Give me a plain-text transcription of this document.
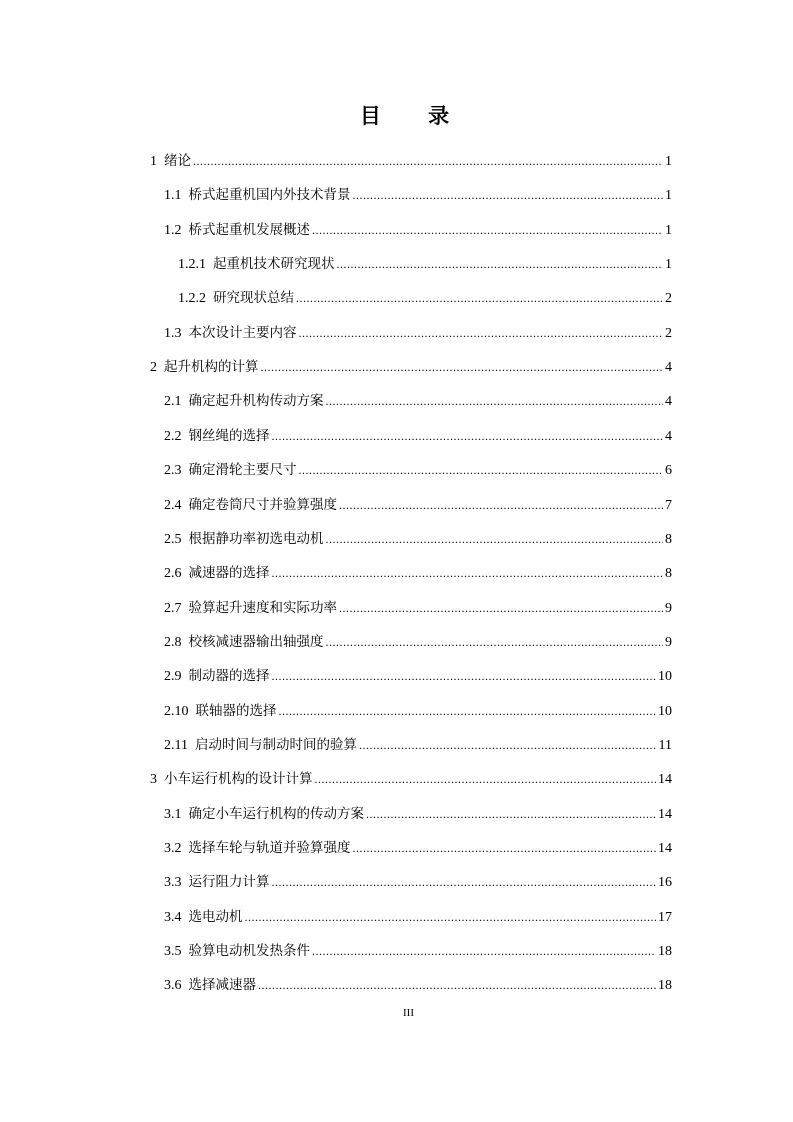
目 录
1 绪论 .....	1
1.1 桥式起重机国内外技术背景 .....	1
1.2 桥式起重机发展概述 .....	1
1.2.1 起重机技术研究现状 .....	1
1.2.2 研究现状总结 .....	2
1.3 本次设计主要内容 .....	2
2 起升机构的计算 .....	4
2.1 确定起升机构传动方案 .....	4
2.2 钢丝绳的选择 .....	4
2.3 确定滑轮主要尺寸 .....	6
2.4 确定卷筒尺寸并验算强度 .....	7
2.5 根据静功率初选电动机 .....	8
2.6 减速器的选择 .....	8
2.7 验算起升速度和实际功率 .....	9
2.8 校核减速器输出轴强度 .....	9
2.9 制动器的选择 .....	10
2.10 联轴器的选择 .....	10
2.11 启动时间与制动时间的验算 .....	11
3 小车运行机构的设计计算 .....	14
3.1 确定小车运行机构的传动方案 .....	14
3.2 选择车轮与轨道并验算强度 .....	14
3.3 运行阻力计算 .....	16
3.4 选电动机 .....	17
3.5 验算电动机发热条件 .....	18
3.6 选择减速器 .....	18
III
